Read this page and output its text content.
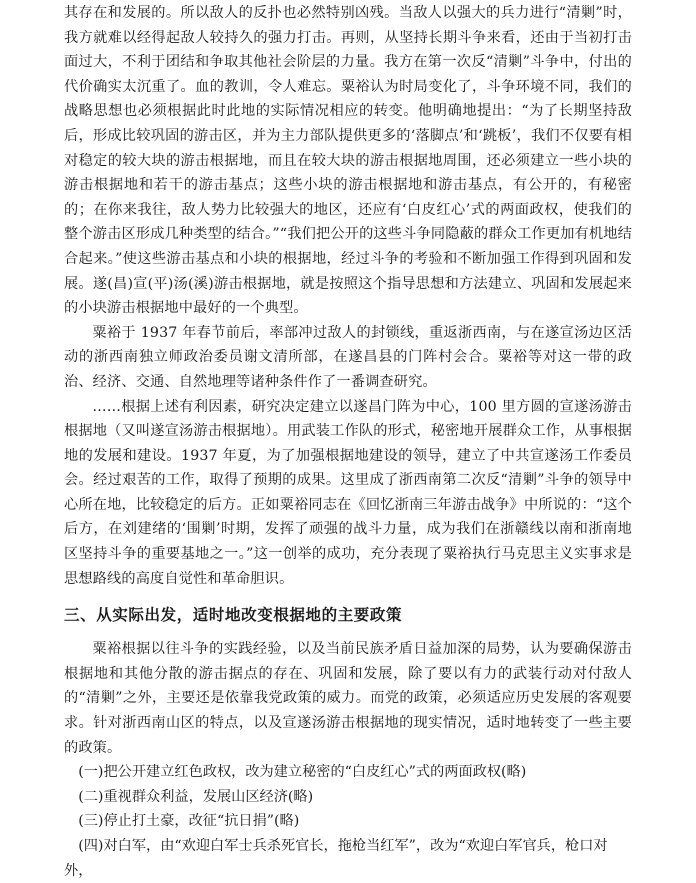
其存在和发展的。所以敌人的反扑也必然特别凶残。当敌人以强大的兵力进行“清剿”时，我方就难以经得起敌人较持久的强力打击。再则，从坚持长期斗争来看，还由于当初打击面过大，不利于团结和争取其他社会阶层的力量。我方在第一次反“清剿”斗争中，付出的代价确实太沉重了。血的教训，令人难忘。粟裕认为时局变化了，斗争环境不同，我们的战略思想也必须根据此时此地的实际情况相应的转变。他明确地提出：“为了长期坚持敌后，形成比较巩固的游击区，并为主力部队提供更多的‘落脚点’和‘跳板’，我们不仅要有相对稳定的较大块的游击根据地，而且在较大块的游击根据地周围，还必须建立一些小块的游击根据地和若干的游击基点；这些小块的游击根据地和游击基点，有公开的，有秘密的；在你来我往，敌人势力比较强大的地区，还应有‘白皮红心’式的两面政权，使我们的整个游击区形成几种类型的结合。”“我们把公开的这些斗争同隐蔽的群众工作更加有机地结合起来。”使这些游击基点和小块的根据地，经过斗争的考验和不断加强工作得到巩固和发展。遂(昌)宣(平)汤(溪)游击根据地，就是按照这个指导思想和方法建立、巩固和发展起来的小块游击根据地中最好的一个典型。

粟裕于 1937 年春节前后，率部冲过敌人的封锁线，重返浙西南，与在遂宣汤边区活动的浙西南独立师政治委员谢文清所部，在遂昌县的门阵村会合。粟裕等对这一带的政治、经济、交通、自然地理等诸种条件作了一番调查研究。

……根据上述有利因素，研究决定建立以遂昌门阵为中心，100 里方圆的宣遂汤游击根据地（又叫遂宣汤游击根据地）。用武装工作队的形式，秘密地开展群众工作，从事根据地的发展和建设。1937 年夏，为了加强根据地建设的领导，建立了中共宣遂汤工作委员会。经过艰苦的工作，取得了预期的成果。这里成了浙西南第二次反“清剿”斗争的领导中心所在地，比较稳定的后方。正如粟裕同志在《回忆浙南三年游击战争》中所说的：“这个后方，在刘建绪的‘围剿’时期，发挥了顽强的战斗力量，成为我们在浙赣线以南和浙南地区坚持斗争的重要基地之一。”这一创举的成功，充分表现了粟裕执行马克思主义实事求是思想路线的高度自觉性和革命胆识。

三、从实际出发，适时地改变根据地的主要政策

粟裕根据以往斗争的实践经验，以及当前民族矛盾日益加深的局势，认为要确保游击根据地和其他分散的游击据点的存在、巩固和发展，除了要以有力的武装行动对付敌人的“清剿”之外，主要还是依靠我党政策的威力。而党的政策，必须适应历史发展的客观要求。针对浙西南山区的特点，以及宣遂汤游击根据地的现实情况，适时地转变了一些主要的政策。

(一)把公开建立红色政权，改为建立秘密的“白皮红心”式的两面政权(略)

(二)重视群众利益，发展山区经济(略)

(三)停止打土豪，改征“抗日捐”(略)

(四)对白军，由“欢迎白军士兵杀死官长，拖枪当红军”，改为“欢迎白军官兵，枪口对外，
